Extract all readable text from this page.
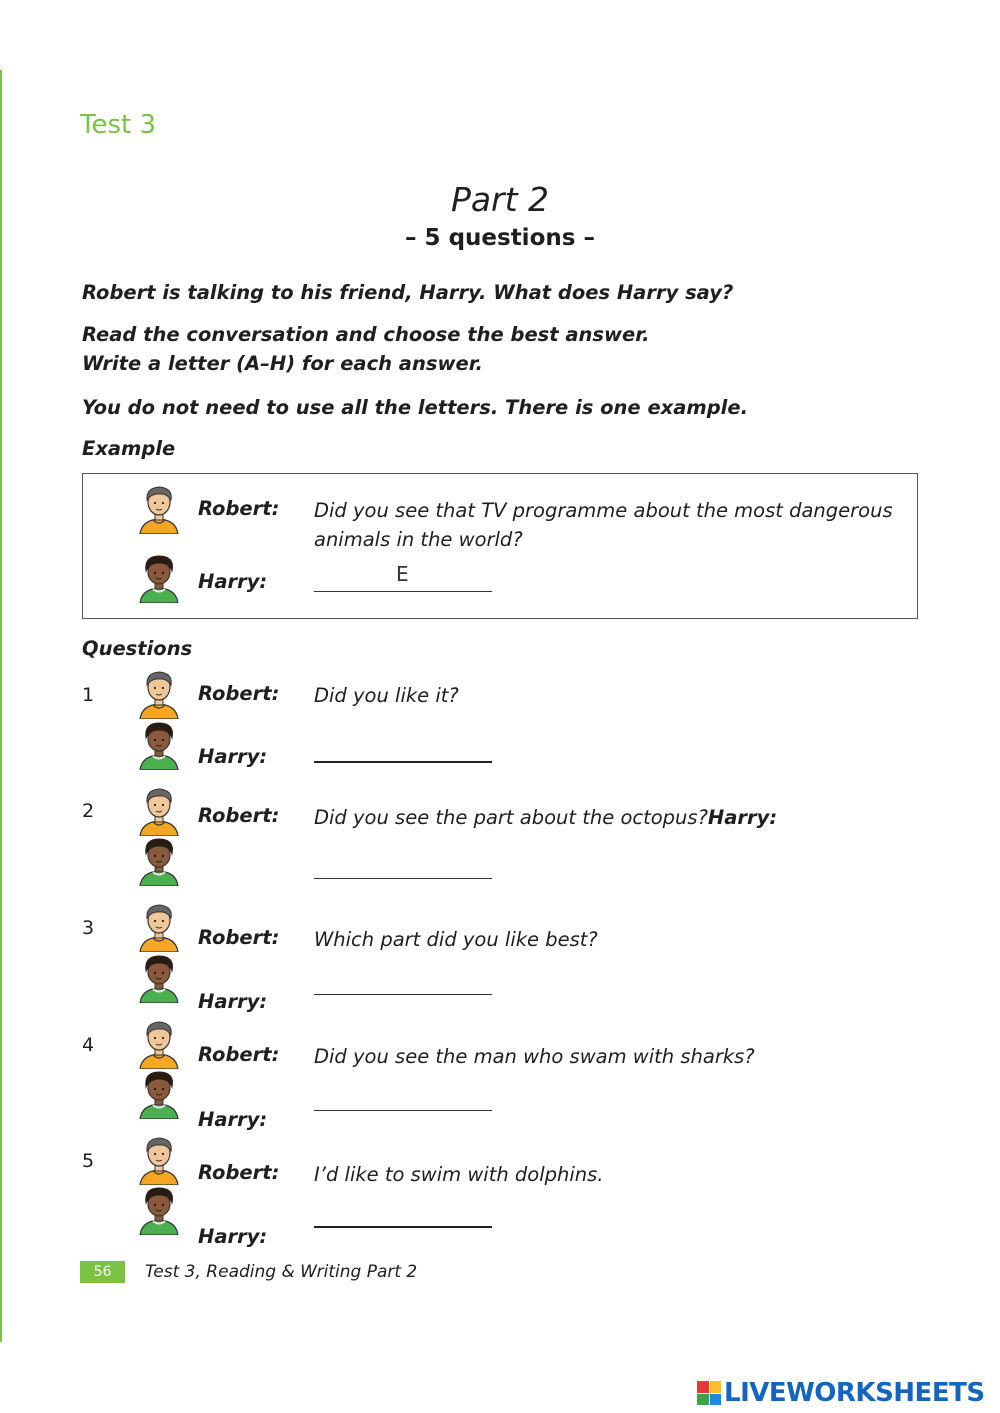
Test 3
Part 2
– 5 questions –
Robert is talking to his friend, Harry. What does Harry say?
Read the conversation and choose the best answer.
Write a letter (A–H) for each answer.
You do not need to use all the letters. There is one example.
Example
Robert: Did you see that TV programme about the most dangerous animals in the world?
Harry:	E
Questions
1	Robert: Did you like it?
Harry:
2	Robert: Did you see the part about the octopus?Harry:
3	Robert: Which part did you like best?
Harry:
4	Robert: Did you see the man who swam with sharks?
Harry:
5	Robert: I’d like to swim with dolphins.
Harry:
56	Test 3, Reading & Writing Part 2
LIVEWORKSHEETS
